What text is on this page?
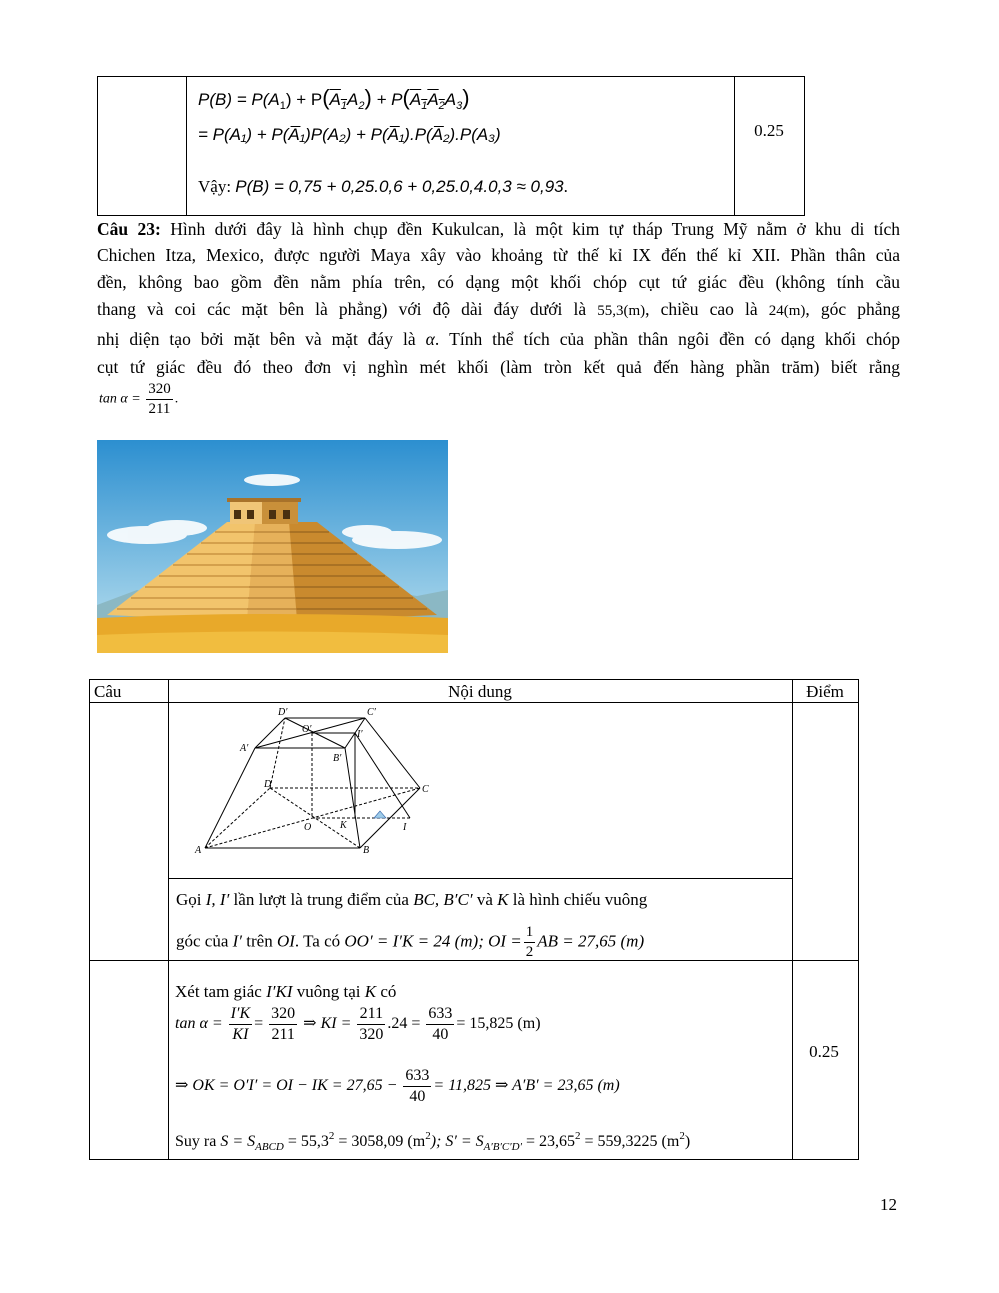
$P(B) = P(A_1) + P(A_1A_2) + P(A_1A_2A_3)$
= P(A₁) + P(A̅₁)P(A₂) + P(A̅₁).P(A̅₂).P(A₃)
Vậy: P(B) = 0,75 + 0,25.0,6 + 0,25.0,4.0,3 ≈ 0,93.
0.25
Câu 23: Hình dưới đây là hình chụp đền Kukulcan, là một kim tự tháp Trung Mỹ nằm ở khu di tích
Chichen Itza, Mexico, được người Maya xây vào khoảng từ thế kỉ IX đến thế kỉ XII. Phần thân của
đền, không bao gồm đền nằm phía trên, có dạng một khối chóp cụt tứ giác đều (không tính cầu
thang và coi các mặt bên là phẳng) với độ dài đáy dưới là 55,3(m), chiều cao là 24(m), góc phẳng
nhị diện tạo bởi mặt bên và mặt đáy là α. Tính thể tích của phần thân ngôi đền có dạng khối chóp
cụt tứ giác đều đó theo đơn vị nghìn mét khối (làm tròn kết quả đến hàng phần trăm) biết rằng
$\tan \alpha = \frac{320}{211}$ .
Câu	Nội dung	Điểm
D′	C′
O′	I′
A′
B′
D	C
O	K	I
A	B
Gọi I, I′ lần lượt là trung điểm của BC, B′C′ và K là hình chiếu vuông
góc của I′ trên OI. Ta có OO′ = I′K = 24 (m); OI = $\frac{1}{2}$ AB = 27,65 (m)
Xét tam giác I′KI vuông tại K có
$\tan \alpha = \frac{I'K}{KI} = \frac{320}{211}$ ⇒ KI = $\frac{211}{320} .24 = \frac{633}{40} = 15,825$ (m)
⇒ OK = O′I′ = OI − IK = $27,65 - \frac{633}{40} = 11,825$ ⇒ A′B′ = 23,65 (m)
Suy ra $S = S_{ABCD} = 55,3^2 = 3058,09$ $(m^2)$; $S' = S_{A'B'C'D'} = 23,65^2 = 559,3225$ $(m^2)$
0.25
12
